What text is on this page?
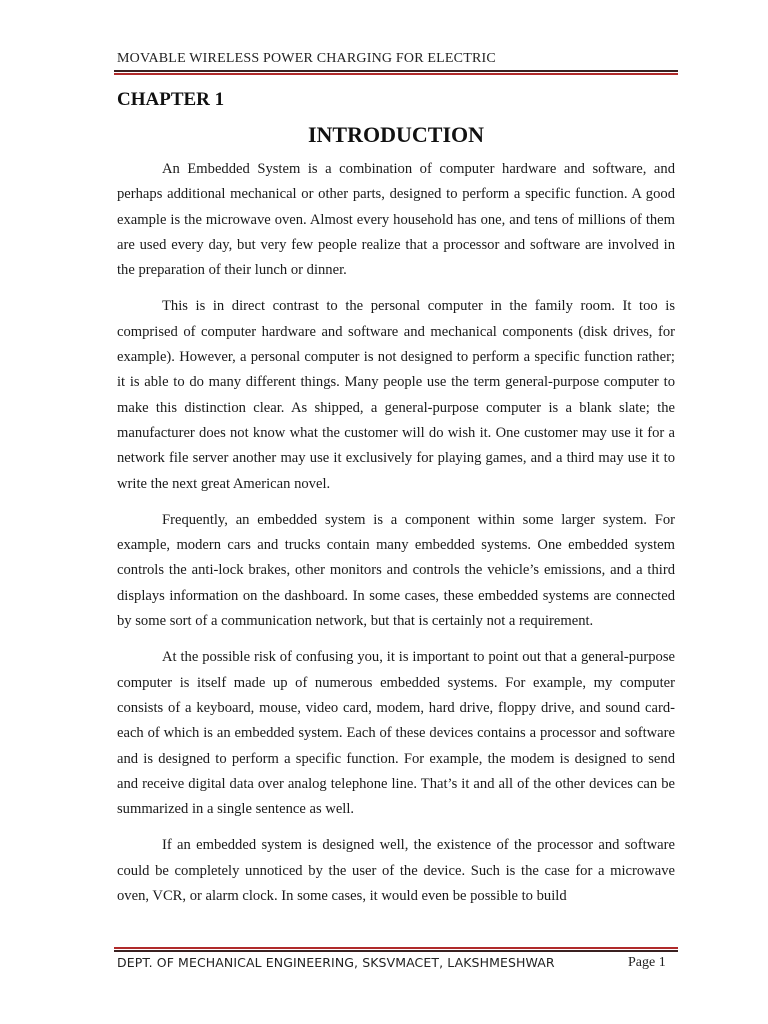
MOVABLE WIRELESS POWER CHARGING FOR ELECTRIC
CHAPTER 1
INTRODUCTION

An Embedded System is a combination of computer hardware and software, and perhaps additional mechanical or other parts, designed to perform a specific function. A good example is the microwave oven. Almost every household has one, and tens of millions of them are used every day, but very few people realize that a processor and software are involved in the preparation of their lunch or dinner.

This is in direct contrast to the personal computer in the family room. It too is comprised of computer hardware and software and mechanical components (disk drives, for example). However, a personal computer is not designed to perform a specific function rather; it is able to do many different things. Many people use the term general-purpose computer to make this distinction clear. As shipped, a general-purpose computer is a blank slate; the manufacturer does not know what the customer will do wish it. One customer may use it for a network file server another may use it exclusively for playing games, and a third may use it to write the next great American novel.

Frequently, an embedded system is a component within some larger system. For example, modern cars and trucks contain many embedded systems. One embedded system controls the anti-lock brakes, other monitors and controls the vehicle’s emissions, and a third displays information on the dashboard. In some cases, these embedded systems are connected by some sort of a communication network, but that is certainly not a requirement.

At the possible risk of confusing you, it is important to point out that a general-purpose computer is itself made up of numerous embedded systems. For example, my computer consists of a keyboard, mouse, video card, modem, hard drive, floppy drive, and sound card-each of which is an embedded system. Each of these devices contains a processor and software and is designed to perform a specific function. For example, the modem is designed to send and receive digital data over analog telephone line. That’s it and all of the other devices can be summarized in a single sentence as well.

If an embedded system is designed well, the existence of the processor and software could be completely unnoticed by the user of the device. Such is the case for a microwave oven, VCR, or alarm clock. In some cases, it would even be possible to build

DEPT. OF MECHANICAL ENGINEERING, SKSVMACET, LAKSHMESHWAR	Page 1
